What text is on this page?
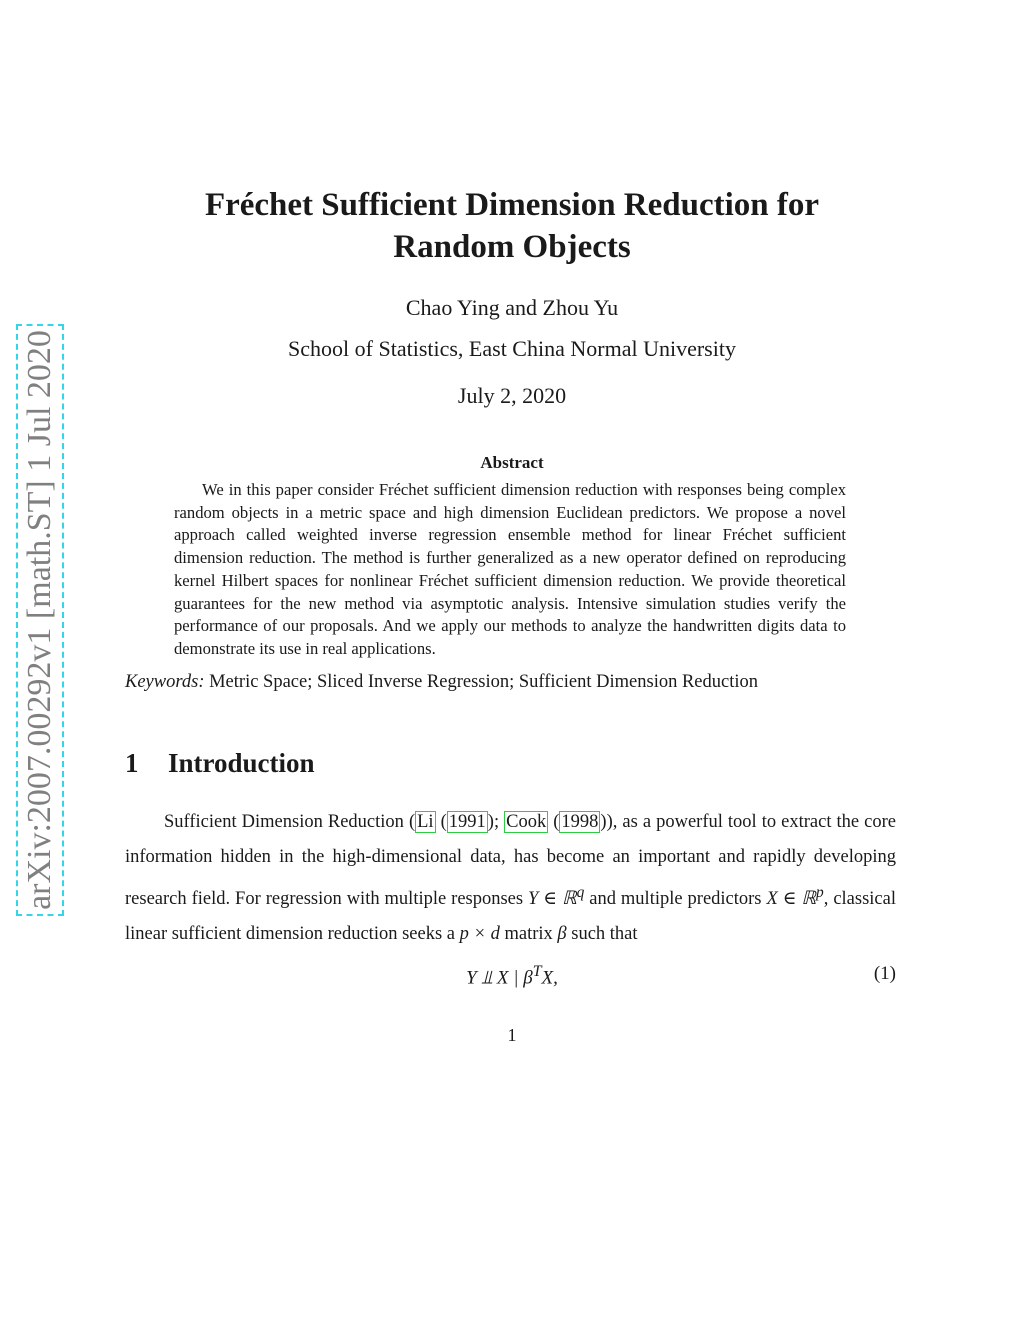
Fréchet Sufficient Dimension Reduction for
Random Objects
Chao Ying and Zhou Yu
School of Statistics, East China Normal University
July 2, 2020
Abstract
We in this paper consider Fréchet sufficient dimension reduction with responses being complex random objects in a metric space and high dimension Euclidean predictors. We propose a novel approach called weighted inverse regression ensemble method for linear Fréchet sufficient dimension reduction. The method is further generalized as a new operator defined on reproducing kernel Hilbert spaces for nonlinear Fréchet sufficient dimension reduction. We provide theoretical guarantees for the new method via asymptotic analysis. Intensive simulation studies verify the performance of our proposals. And we apply our methods to analyze the handwritten digits data to demonstrate its use in real applications.
Keywords: Metric Space; Sliced Inverse Regression; Sufficient Dimension Reduction
1 Introduction

Sufficient Dimension Reduction ( Li ( 1991 ); Cook ( 1998 )), as a powerful tool to extract the core information hidden in the high-dimensional data, has become an important and rapidly developing research field. For regression with multiple responses Y ∈ ℝ$^q$ and multiple predictors X ∈ ℝ$^p$, classical linear sufficient dimension reduction seeks a p × d matrix β such that

Y ⫫ X | $\beta^TX$,	(1)
1
arXiv:2007.00292v1 [math.ST] 1 Jul 2020
